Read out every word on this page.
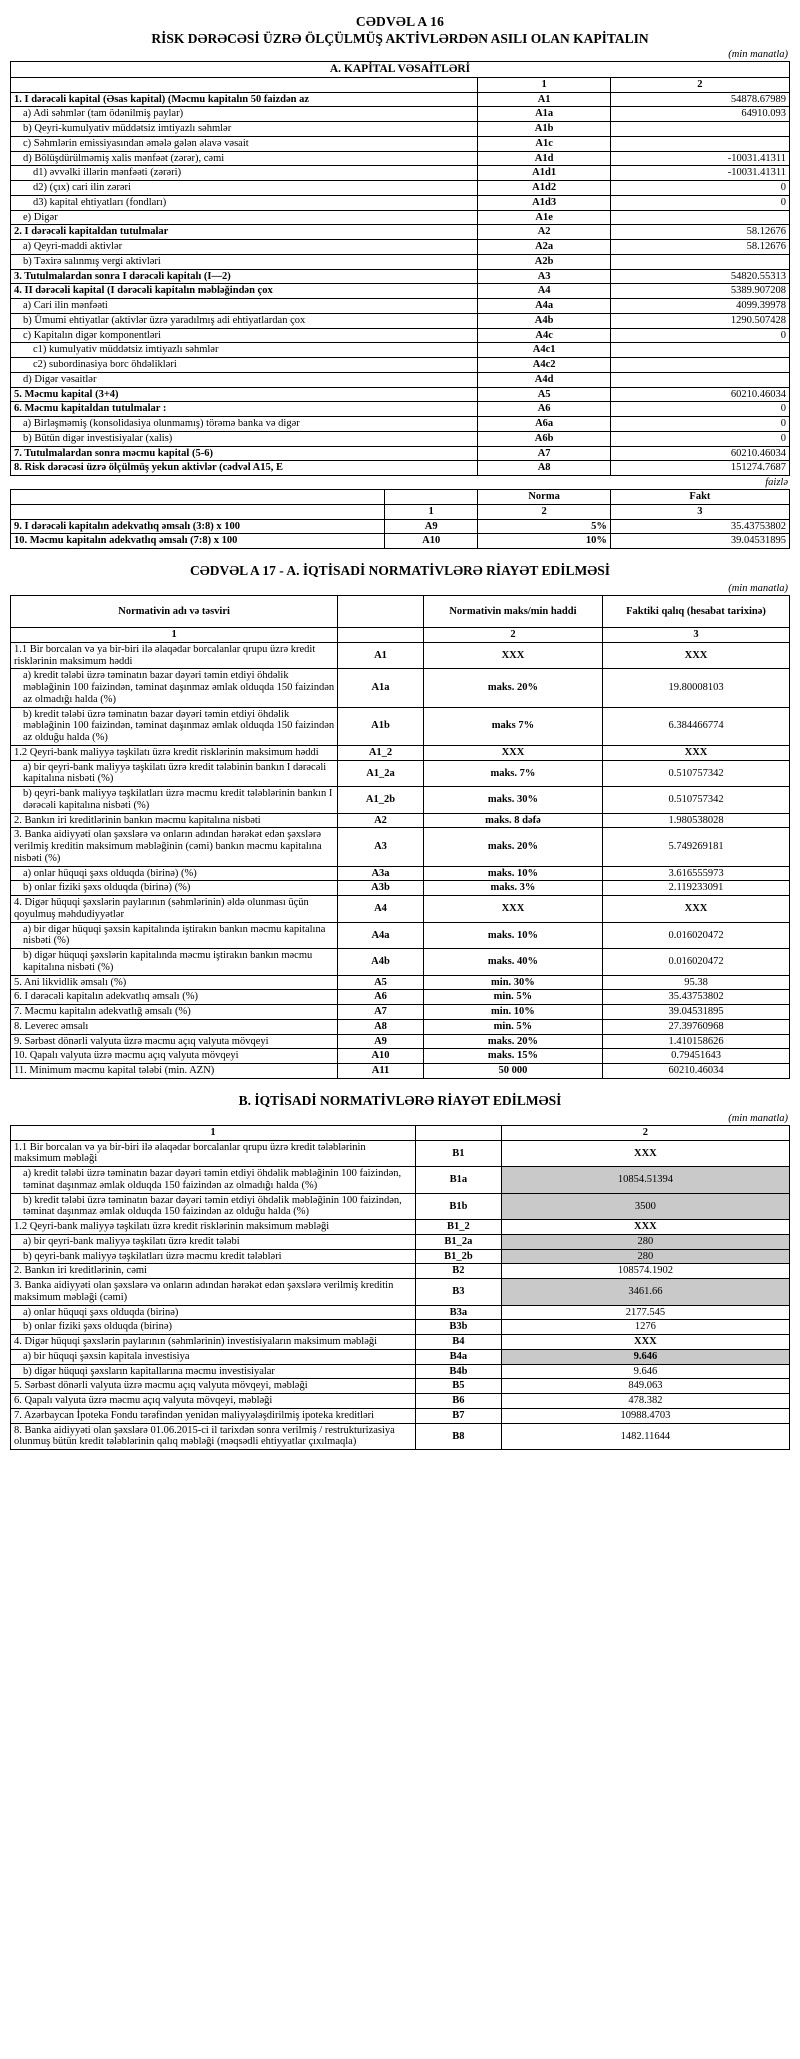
CƏDVƏL A 16
RİSK DƏRƏCƏSİ ÜZRƏ ÖLÇÜLMÜŞ AKTİVLƏRDƏN ASILI OLAN KAPİTALIN
(min manatla)
A. KAPİTAL VƏSAİTLƏRİ		
	1	2
1. I dərəcəli kapital (Əsas kapital) (Məcmu kapitalın 50 faizdən az	A1	54878.67989
a) Adi səhmlər (tam ödənilmiş paylar)	A1a	64910.093
b) Qeyri-kumulyativ müddətsiz imtiyazlı səhmlər	A1b	
c) Səhmlərin emissiyasından əmələ gələn əlavə vəsait	A1c	
d) Bölüşdürülməmiş xalis mənfəət (zərər), cəmi	A1d	-10031.41311
d1) əvvəlki illərin mənfəəti (zərəri)	A1d1	-10031.41311
d2) (çıx) cari ilin zərəri	A1d2	0
d3) kapital ehtiyatları (fondları)	A1d3	0
e) Digər	A1e	
2. I dərəcəli kapitaldan tutulmalar	A2	58.12676
a) Qeyri-maddi aktivlər	A2a	58.12676
b) Təxirə salınmış vergi aktivləri	A2b	
3. Tutulmalardan sonra I dərəcəli kapitalı (I—2)	A3	54820.55313
4. II dərəcəli kapital (I dərəcəli kapitalın məbləğindən çox	A4	5389.907208
a) Cari ilin mənfəəti	A4a	4099.39978
b) Ümumi ehtiyatlar (aktivlər üzrə yaradılmış adi ehtiyatlardan çox	A4b	1290.507428
c) Kapitalın digər komponentləri	A4c	0
c1) kumulyativ müddətsiz imtiyazlı səhmlər	A4c1	
c2) subordinasiya borc öhdəlikləri	A4c2	
d) Digər vəsaitlər	A4d	
5. Məcmu kapital (3+4)	A5	60210.46034
6. Məcmu kapitaldan tutulmalar :	A6	0
a) Birləşməmiş (konsolidasiya olunmamış) törəmə banka və digər	A6a	0
b) Bütün digər investisiyalar (xalis)	A6b	0
7. Tutulmalardan sonra məcmu kapital (5-6)	A7	60210.46034
8. Risk dərəcəsi üzrə ölçülmüş yekun aktivlər (cədvəl A15, E	A8	151274.7687
faizlə
		Norma	Fakt
	1	2	3
9. I dərəcəli kapitalın adekvatlıq əmsalı (3:8) x 100	A9	5%	35.43753802
10. Məcmu kapitalın adekvatlıq əmsalı (7:8) x 100	A10	10%	39.04531895
CƏDVƏL A 17 - A. İQTİSADİ NORMATİVLƏRƏ RİAYƏT EDİLMƏSİ
(min manatla)
Normativin adı və təsviri		Normativin maks/min haddi	Faktiki qalıq (hesabat tarixinə)
1		2	3
1.1 Bir borcalan və ya bir-biri ilə əlaqədar borcalanlar qrupu üzrə kredit risklərinin maksimum həddi	A1	XXX	XXX
a) kredit tələbi üzrə təminatın bazar dəyəri təmin etdiyi öhdəlik məbləğinin 100 faizindən, təminat daşınmaz əmlak olduqda 150 faizindən az olmadığı halda (%)	A1a	maks. 20%	19.80008103
b) kredit tələbi üzrə təminatın bazar dəyəri təmin etdiyi öhdəlik məbləğinin 100 faizindən, təminat daşınmaz əmlak olduqda 150 faizindən az olduğu halda (%)	A1b	maks 7%	6.384466774
1.2 Qeyri-bank maliyyə təşkilatı üzrə kredit risklərinin maksimum həddi	A1_2	XXX	XXX
a) bir qeyri-bank maliyyə təşkilatı üzrə kredit tələbinin bankın I dərəcəli kapitalına nisbəti (%)	A1_2a	maks. 7%	0.510757342
b) qeyri-bank maliyyə təşkilatları üzrə məcmu kredit tələblərinin bankın I dərəcəli kapitalına nisbəti (%)	A1_2b	maks. 30%	0.510757342
2. Bankın iri kreditlərinin bankın məcmu kapitalına nisbəti	A2	maks. 8 dəfə	1.980538028
3. Banka aidiyyəti olan şəxslərə və onların adından hərəkət edən şəxslərə verilmiş kreditin maksimum məbləğinin (cəmi) bankın məcmu kapitalına nisbəti (%)	A3	maks. 20%	5.749269181
a) onlar hüquqi şəxs olduqda (birinə) (%)	A3a	maks. 10%	3.616555973
b) onlar fiziki şəxs olduqda (birinə) (%)	A3b	maks. 3%	2.119233091
4. Digər hüquqi şəxslərin paylarının (səhmlərinin) əldə olunması üçün qoyulmuş məhdudiyyətlər	A4	XXX	XXX
a) bir digər hüquqi şəxsin kapitalında iştirakın bankın məcmu kapitalına nisbəti (%)	A4a	maks. 10%	0.016020472
b) digər hüquqi şəxslərin kapitalında məcmu iştirakın bankın məcmu kapitalına nisbəti (%)	A4b	maks. 40%	0.016020472
5. Ani likvidlik əmsalı (%)	A5	min. 30%	95.38
6. I dərəcəli kapitalın adekvatlıq əmsalı (%)	A6	min. 5%	35.43753802
7. Məcmu kapitalın adekvatlığ əmsalı (%)	A7	min. 10%	39.04531895
8. Leverec əmsalı	A8	min. 5%	27.39760968
9. Sərbəst dönərli valyuta üzrə məcmu açıq valyuta mövqeyi	A9	maks. 20%	1.410158626
10. Qapalı valyuta üzrə məcmu açıq valyuta mövqeyi	A10	maks. 15%	0.79451643
11. Minimum məcmu kapital tələbi (min. AZN)	A11	50 000	60210.46034
B. İQTİSADİ NORMATİVLƏRƏ RİAYƏT EDİLMƏSİ
(min manatla)
1		2
1.1 Bir borcalan və ya bir-biri ilə əlaqədar borcalanlar qrupu üzrə kredit tələblərinin maksimum məbləği	B1	XXX
a) kredit tələbi üzrə təminatın bazar dəyəri təmin etdiyi öhdəlik məbləğinin 100 faizindən, təminat daşınmaz əmlak olduqda 150 faizindən az olmadığı halda (%)	B1a	10854.51394
b) kredit tələbi üzrə təminatın bazar dəyəri təmin etdiyi öhdəlik məbləğinin 100 faizindən, təminat daşınmaz əmlak olduqda 150 faizindən az olduğu halda (%)	B1b	3500
1.2 Qeyri-bank maliyyə təşkilatı üzrə kredit risklərinin maksimum məbləği	B1_2	XXX
a) bir qeyri-bank maliyyə təşkilatı üzrə kredit tələbi	B1_2a	280
b) qeyri-bank maliyyə təşkilatları üzrə məcmu kredit tələbləri	B1_2b	280
2. Bankın iri kreditlərinin, cəmi	B2	108574.1902
3. Banka aidiyyəti olan şəxslərə və onların adından hərəkət edən şəxslərə verilmiş kreditin maksimum məbləği (cəmi)	B3	3461.66
a) onlar hüquqi şəxs olduqda (birinə)	B3a	2177.545
b) onlar fiziki şəxs olduqda (birinə)	B3b	1276
4. Digər hüquqi şəxslərin paylarının (səhmlərinin) investisiyaların maksimum məbləği	B4	XXX
a) bir hüquqi şəxsin kapitala investisiya	B4a	9.646
b) digər hüquqi şəxsların kapitallarına məcmu investisiyalar	B4b	9.646
5. Sərbəst dönərli valyuta üzrə məcmu açıq valyuta mövqeyi, məbləği	B5	849.063
6. Qapalı valyuta üzrə məcmu açıq valyuta mövqeyi, məbləği	B6	478.382
7. Azərbaycan İpoteka Fondu tərəfindən yenidən maliyyələşdirilmiş ipoteka kreditləri	B7	10988.4703
8. Banka aidiyyəti olan şəxslərə 01.06.2015-ci il tarixdən sonra verilmiş / restrukturizasiya olunmuş bütün kredit tələblərinin qalıq məbləği (məqsədli ehtiyyatlar çıxılmaqla)	B8	1482.11644
